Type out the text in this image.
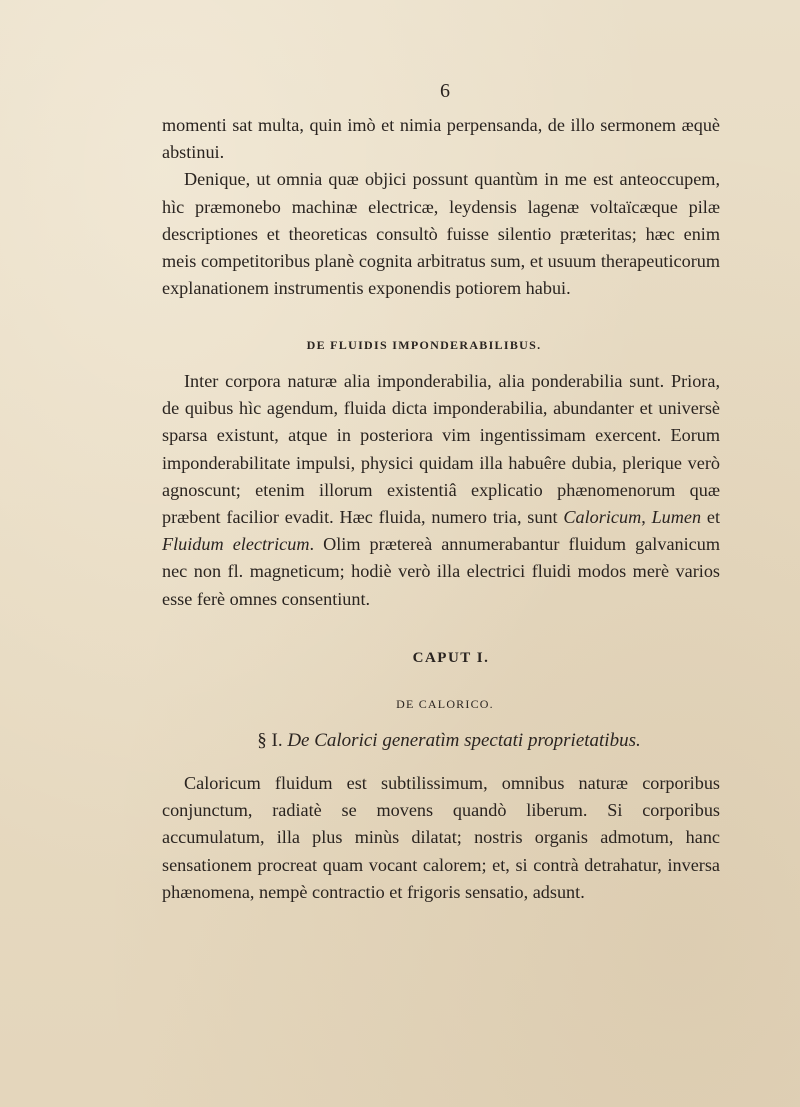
6

momenti sat multa, quin imò et nimia perpensanda, de illo sermonem æquè abstinui.

Denique, ut omnia quæ objici possunt quantùm in me est anteoccupem, hìc præmonebo machinæ electricæ, leydensis lagenæ voltaïcæque pilæ descriptiones et theoreticas consultò fuisse silentio præteritas; hæc enim meis competitoribus planè cognita arbitratus sum, et usuum therapeuticorum explanationem instrumentis exponendis potiorem habui.

DE FLUIDIS IMPONDERABILIBUS.

Inter corpora naturæ alia imponderabilia, alia ponderabilia sunt. Priora, de quibus hìc agendum, fluida dicta imponderabilia, abundanter et universè sparsa existunt, atque in posteriora vim ingentissimam exercent. Eorum imponderabilitate impulsi, physici quidam illa habuêre dubia, plerique verò agnoscunt; etenim illorum existentiâ explicatio phænomenorum quæ præbent facilior evadit. Hæc fluida, numero tria, sunt Caloricum, Lumen et Fluidum electricum. Olim prætereà annumerabantur fluidum galvanicum nec non fl. magneticum; hodiè verò illa electrici fluidi modos merè varios esse ferè omnes consentiunt.

CAPUT I.
DE CALORICO.
§ I. De Calorici generatìm spectati proprietatibus.

Caloricum fluidum est subtilissimum, omnibus naturæ corporibus conjunctum, radiatè se movens quandò liberum. Si corporibus accumulatum, illa plus minùs dilatat; nostris organis admotum, hanc sensationem procreat quam vocant calorem; et, si contrà detrahatur, inversa phænomena, nempè contractio et frigoris sensatio, adsunt.
